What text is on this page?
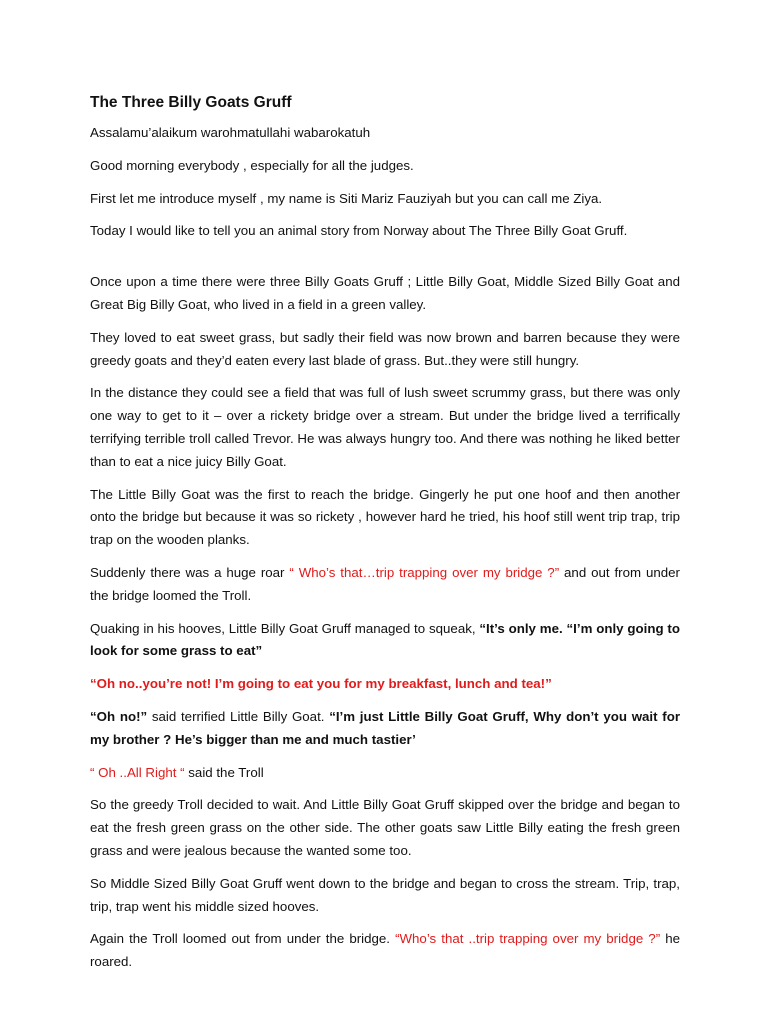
The Three Billy Goats Gruff

Assalamu’alaikum warohmatullahi wabarokatuh

Good morning everybody , especially for all the judges.

First let me introduce myself , my name is Siti Mariz Fauziyah but you can call me Ziya.

Today I would like to tell you an animal story from Norway about The Three Billy Goat Gruff.

Once upon a time there were three Billy Goats Gruff ; Little Billy Goat, Middle Sized Billy Goat and Great Big Billy Goat, who lived in a field in a green valley.

They loved to eat sweet grass, but sadly their field was now brown and barren because they were greedy goats and they’d eaten every last blade of grass. But..they were still hungry.

In the distance they could see a field that was full of lush sweet scrummy grass, but there was only one way to get to it – over a rickety bridge over a stream. But under the bridge lived a terrifically terrifying terrible troll called Trevor. He was always hungry too. And there was nothing he liked better than to eat a nice juicy Billy Goat.

The Little Billy Goat was the first to reach the bridge. Gingerly he put one hoof and then another onto the bridge but because it was so rickety , however hard he tried, his hoof still went trip trap, trip trap on the wooden planks.

Suddenly there was a huge roar “ Who’s that…trip trapping over my bridge ?” and out from under the bridge loomed the Troll.

Quaking in his hooves, Little Billy Goat Gruff managed to squeak, “It’s only me. “I’m only going to look for some grass to eat”

“Oh no..you’re not! I’m going to eat you for my breakfast, lunch and tea!”

“Oh no!” said terrified Little Billy Goat. “I’m just Little Billy Goat Gruff, Why don’t you wait for my brother ? He’s bigger than me and much tastier’

“ Oh ..All Right “ said the Troll

So the greedy Troll decided to wait. And Little Billy Goat Gruff skipped over the bridge and began to eat the fresh green grass on the other side. The other goats saw Little Billy eating the fresh green grass and were jealous because the wanted some too.

So Middle Sized Billy Goat Gruff went down to the bridge and began to cross the stream. Trip, trap, trip, trap went his middle sized hooves.

Again the Troll loomed out from under the bridge. “Who’s that ..trip trapping over my bridge ?” he roared.
